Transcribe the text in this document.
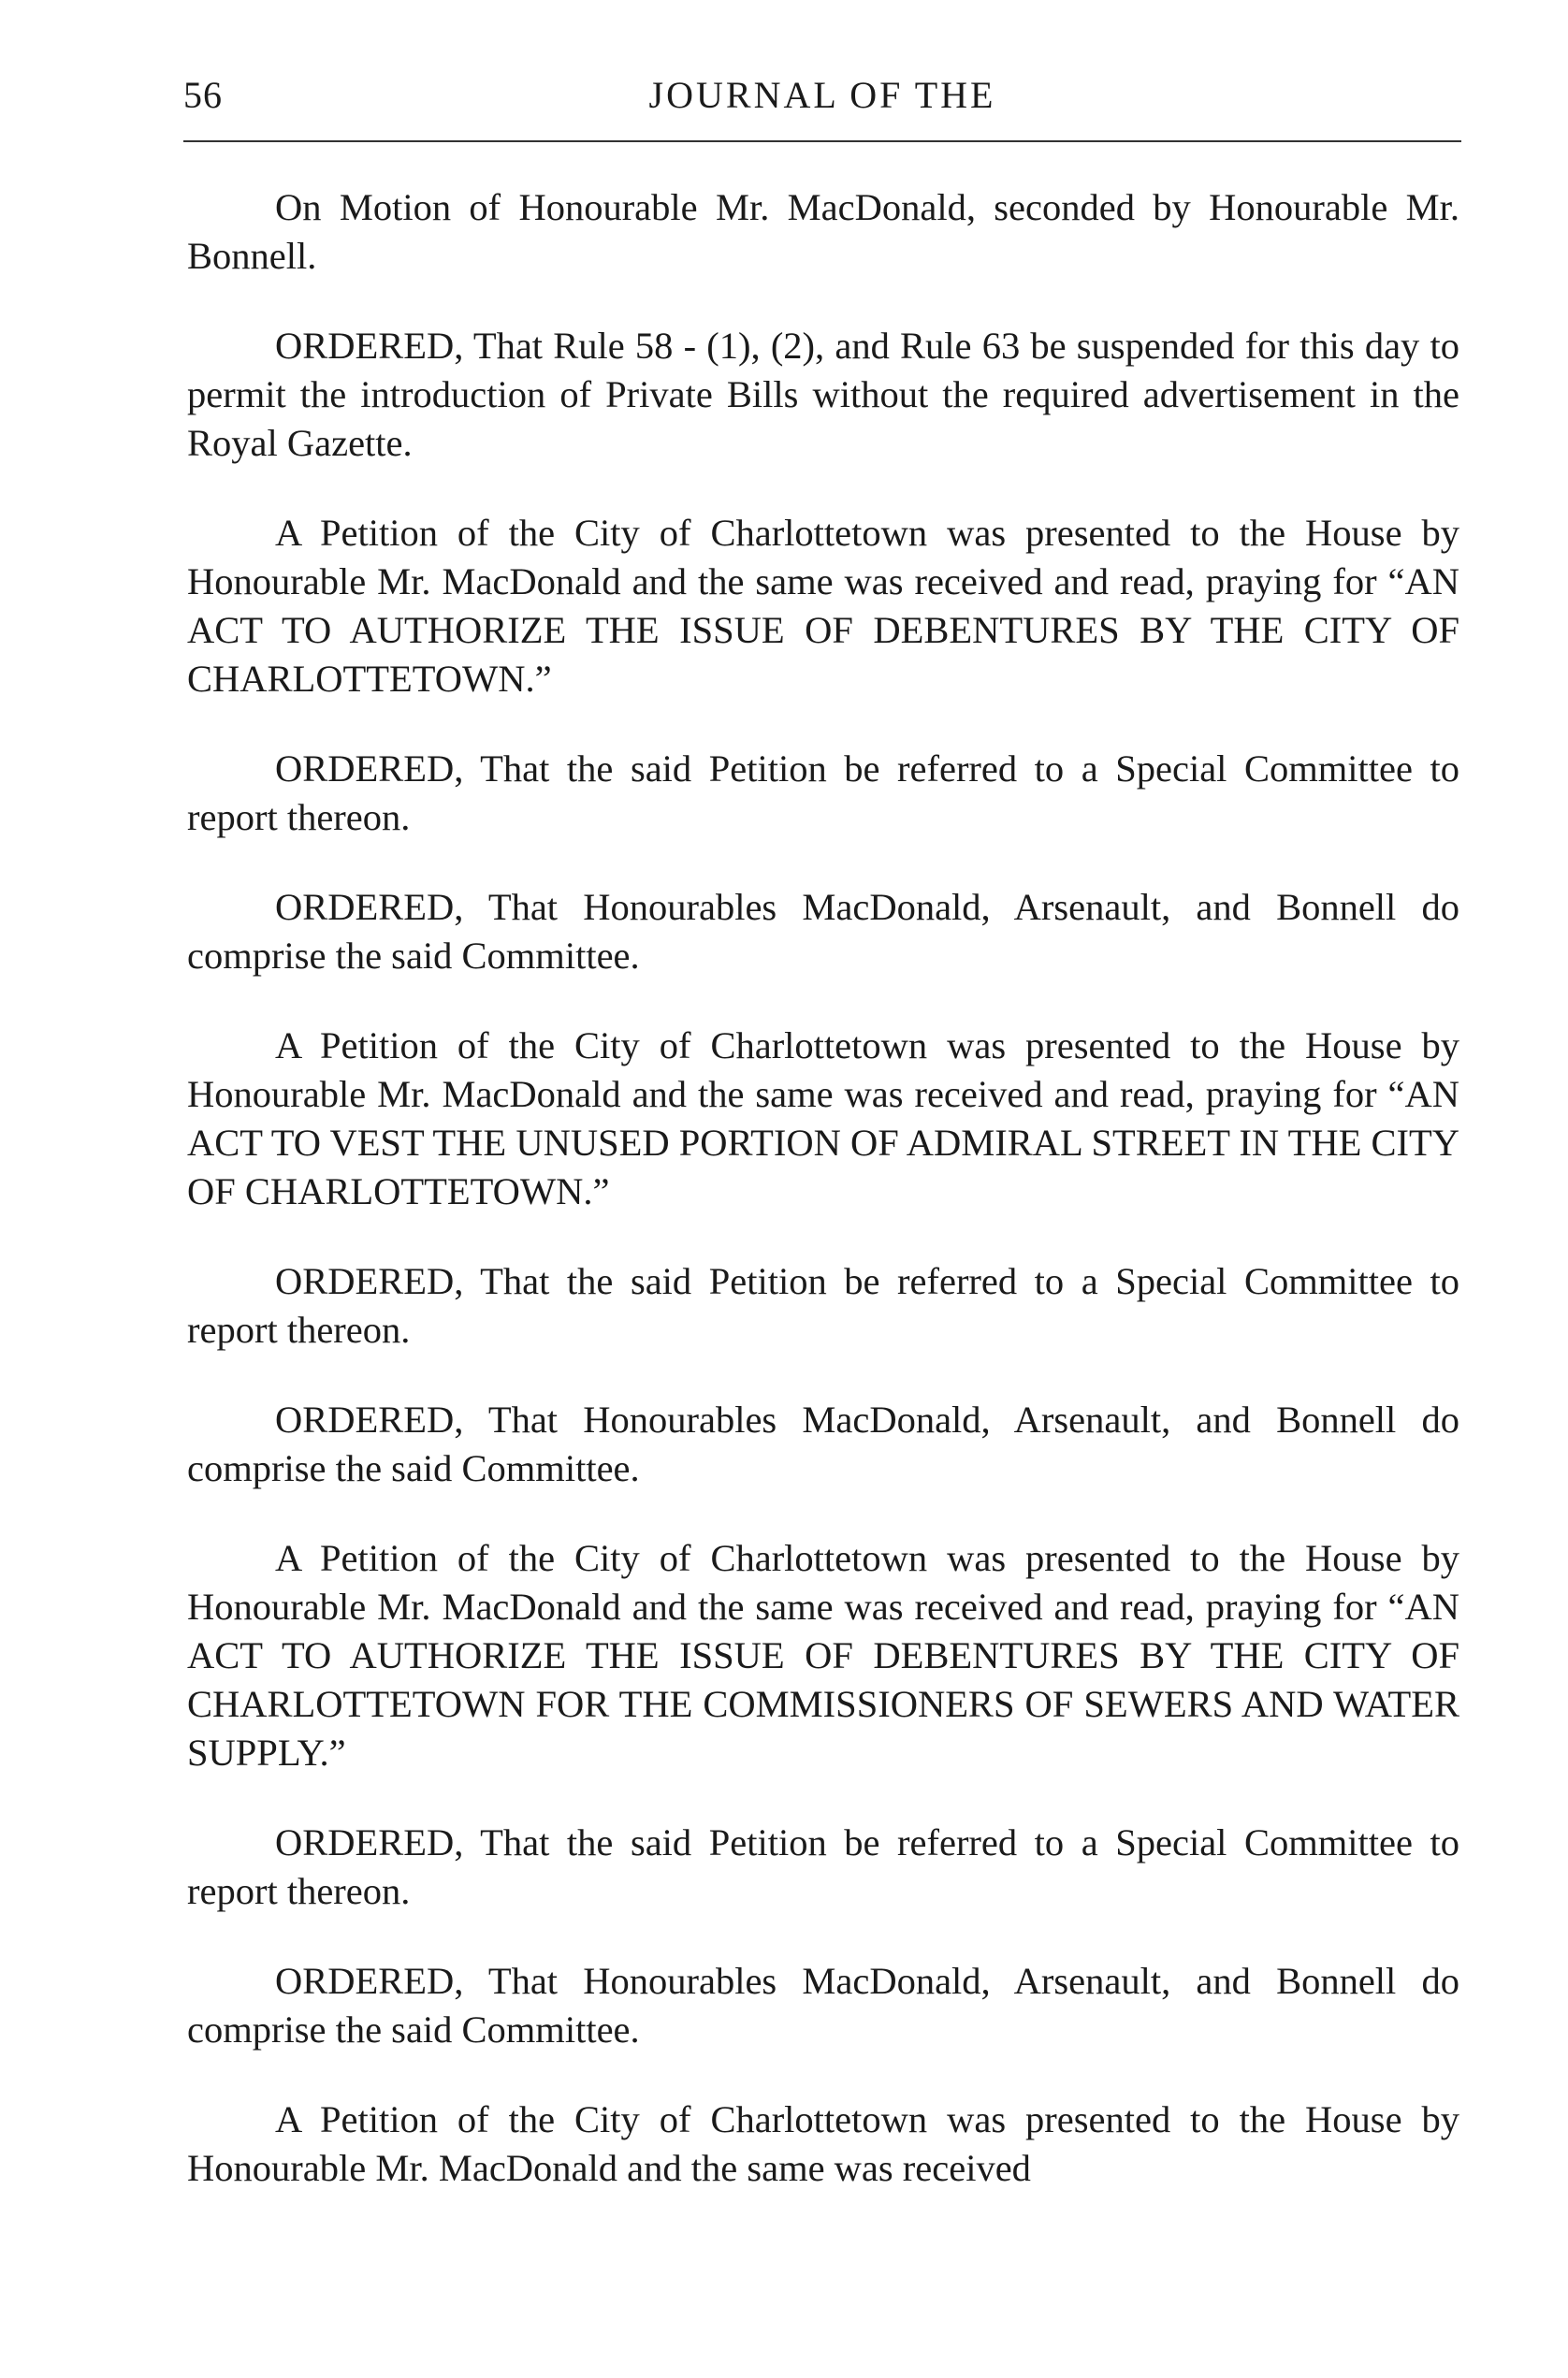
56	JOURNAL OF THE

On Motion of Honourable Mr. MacDonald, seconded by Honourable Mr. Bonnell.

ORDERED, That Rule 58 - (1), (2), and Rule 63 be suspended for this day to permit the introduction of Private Bills without the required advertisement in the Royal Gazette.

A Petition of the City of Charlottetown was presented to the House by Honourable Mr. MacDonald and the same was received and read, praying for “AN ACT TO AUTHORIZE THE ISSUE OF DEBENTURES BY THE CITY OF CHARLOTTETOWN.”

ORDERED, That the said Petition be referred to a Special Committee to report thereon.

ORDERED, That Honourables MacDonald, Arsenault, and Bonnell do comprise the said Committee.

A Petition of the City of Charlottetown was presented to the House by Honourable Mr. MacDonald and the same was received and read, praying for “AN ACT TO VEST THE UNUSED PORTION OF ADMIRAL STREET IN THE CITY OF CHARLOTTETOWN.”

ORDERED, That the said Petition be referred to a Special Committee to report thereon.

ORDERED, That Honourables MacDonald, Arsenault, and Bonnell do comprise the said Committee.

A Petition of the City of Charlottetown was presented to the House by Honourable Mr. MacDonald and the same was received and read, praying for “AN ACT TO AUTHORIZE THE ISSUE OF DEBENTURES BY THE CITY OF CHARLOTTETOWN FOR THE COMMISSIONERS OF SEWERS AND WATER SUPPLY.”

ORDERED, That the said Petition be referred to a Special Committee to report thereon.

ORDERED, That Honourables MacDonald, Arsenault, and Bonnell do comprise the said Committee.

A Petition of the City of Charlottetown was presented to the House by Honourable Mr. MacDonald and the same was received
